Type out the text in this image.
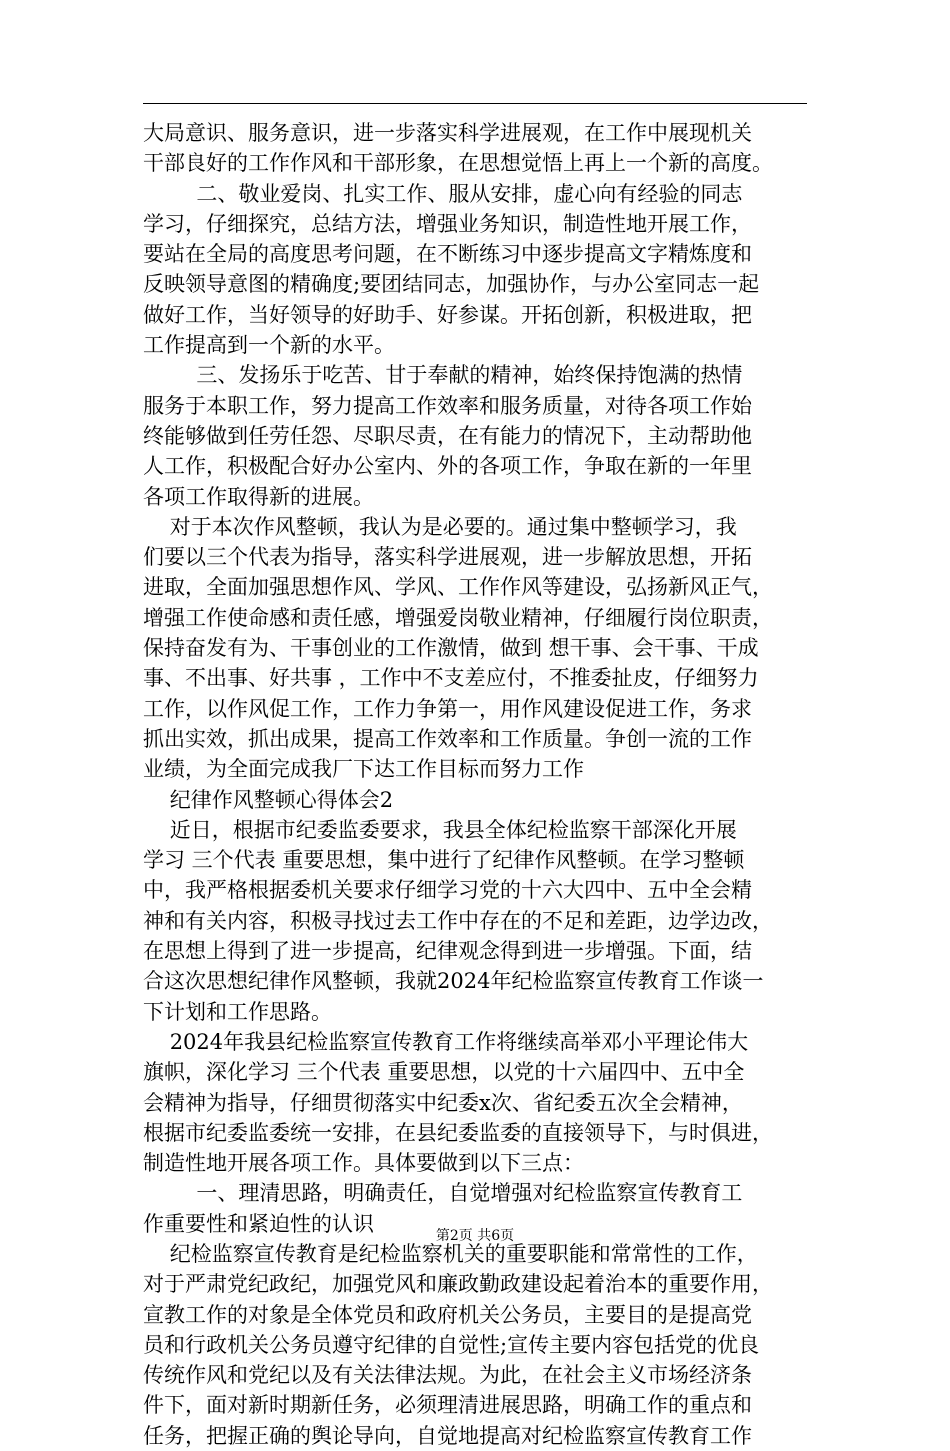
大局意识、服务意识，进一步落实科学进展观，在工作中展现机关
干部良好的工作作风和干部形象，在思想觉悟上再上一个新的高度。
二、敬业爱岗、扎实工作、服从安排，虚心向有经验的同志
学习，仔细探究，总结方法，增强业务知识，制造性地开展工作，
要站在全局的高度思考问题，在不断练习中逐步提高文字精炼度和
反映领导意图的精确度;要团结同志，加强协作，与办公室同志一起
做好工作，当好领导的好助手、好参谋。开拓创新，积极进取，把
工作提高到一个新的水平。
三、发扬乐于吃苦、甘于奉献的精神，始终保持饱满的热情
服务于本职工作，努力提高工作效率和服务质量，对待各项工作始
终能够做到任劳任怨、尽职尽责，在有能力的情况下，主动帮助他
人工作，积极配合好办公室内、外的各项工作，争取在新的一年里
各项工作取得新的进展。
对于本次作风整顿，我认为是必要的。通过集中整顿学习，我
们要以三个代表为指导，落实科学进展观，进一步解放思想，开拓
进取，全面加强思想作风、学风、工作作风等建设，弘扬新风正气，
增强工作使命感和责任感，增强爱岗敬业精神，仔细履行岗位职责，
保持奋发有为、干事创业的工作激情，做到 想干事、会干事、干成
事、不出事、好共事 ，工作中不支差应付，不推委扯皮，仔细努力
工作，以作风促工作，工作力争第一，用作风建设促进工作，务求
抓出实效，抓出成果，提高工作效率和工作质量。争创一流的工作
业绩，为全面完成我厂下达工作目标而努力工作
纪律作风整顿心得体会2
近日，根据市纪委监委要求，我县全体纪检监察干部深化开展
学习 三个代表 重要思想，集中进行了纪律作风整顿。在学习整顿
中，我严格根据委机关要求仔细学习党的十六大四中、五中全会精
神和有关内容，积极寻找过去工作中存在的不足和差距，边学边改，
在思想上得到了进一步提高，纪律观念得到进一步增强。下面，结
合这次思想纪律作风整顿，我就2024年纪检监察宣传教育工作谈一
下计划和工作思路。
2024年我县纪检监察宣传教育工作将继续高举邓小平理论伟大
旗帜，深化学习 三个代表 重要思想，以党的十六届四中、五中全
会精神为指导，仔细贯彻落实中纪委x次、省纪委五次全会精神，
根据市纪委监委统一安排，在县纪委监委的直接领导下，与时俱进，
制造性地开展各项工作。具体要做到以下三点：
一、理清思路，明确责任，自觉增强对纪检监察宣传教育工
作重要性和紧迫性的认识
纪检监察宣传教育是纪检监察机关的重要职能和常常性的工作，
对于严肃党纪政纪，加强党风和廉政勤政建设起着治本的重要作用，
宣教工作的对象是全体党员和政府机关公务员，主要目的是提高党
员和行政机关公务员遵守纪律的自觉性;宣传主要内容包括党的优良
传统作风和党纪以及有关法律法规。为此，在社会主义市场经济条
件下，面对新时期新任务，必须理清进展思路，明确工作的重点和
任务，把握正确的舆论导向，自觉地提高对纪检监察宣传教育工作
第2页 共6页
